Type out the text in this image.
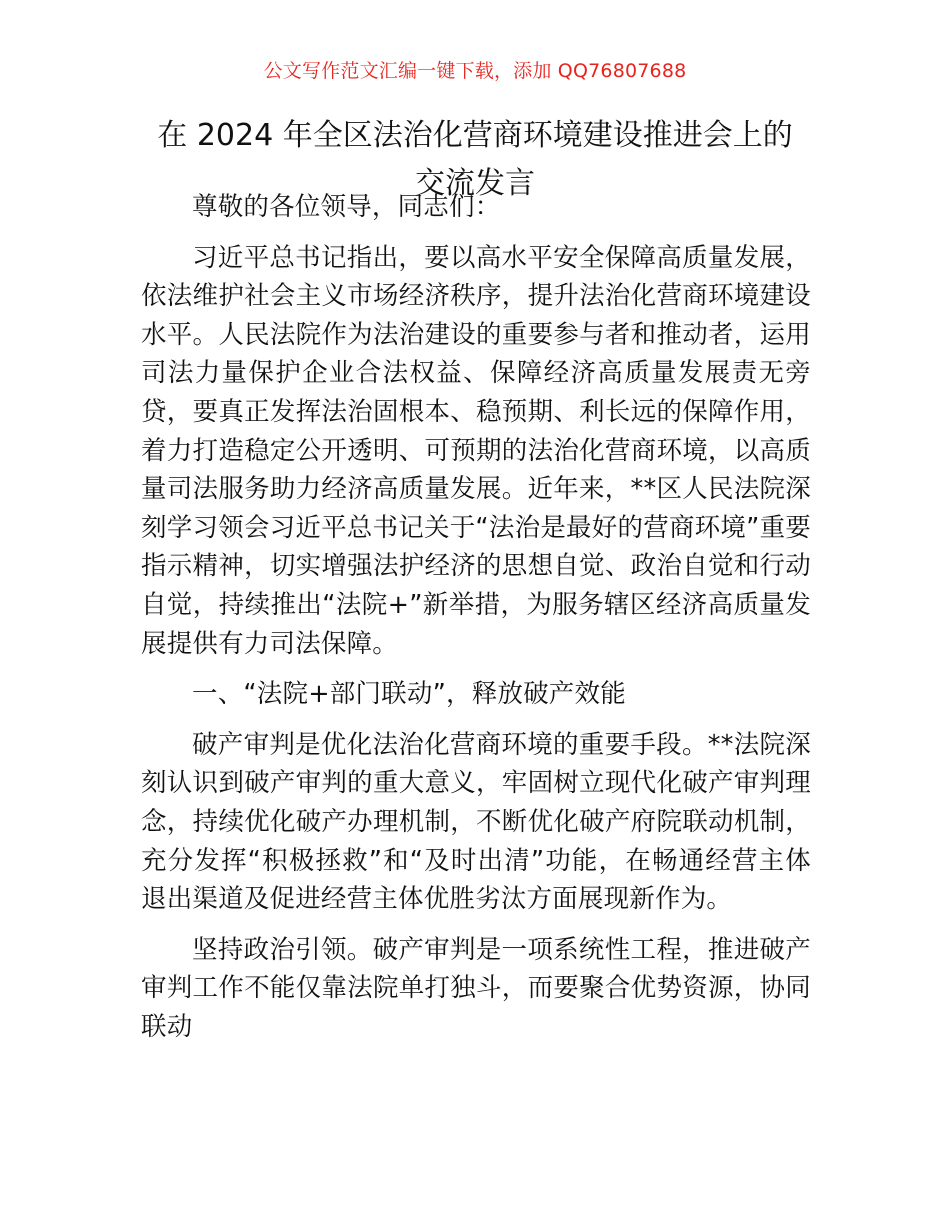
公文写作范文汇编一键下载，添加 QQ76807688
在 2024 年全区法治化营商环境建设推进会上的
交流发言

尊敬的各位领导，同志们：

习近平总书记指出，要以高水平安全保障高质量发展，依法维护社会主义市场经济秩序，提升法治化营商环境建设水平。人民法院作为法治建设的重要参与者和推动者，运用司法力量保护企业合法权益、保障经济高质量发展责无旁贷，要真正发挥法治固根本、稳预期、利长远的保障作用，着力打造稳定公开透明、可预期的法治化营商环境，以高质量司法服务助力经济高质量发展。近年来，**区人民法院深刻学习领会习近平总书记关于“法治是最好的营商环境”重要指示精神，切实增强法护经济的思想自觉、政治自觉和行动自觉，持续推出“法院+”新举措，为服务辖区经济高质量发展提供有力司法保障。

一、“法院+部门联动”，释放破产效能

破产审判是优化法治化营商环境的重要手段。**法院深刻认识到破产审判的重大意义，牢固树立现代化破产审判理念，持续优化破产办理机制，不断优化破产府院联动机制，充分发挥“积极拯救”和“及时出清”功能，在畅通经营主体退出渠道及促进经营主体优胜劣汰方面展现新作为。

坚持政治引领。破产审判是一项系统性工程，推进破产审判工作不能仅靠法院单打独斗，而要聚合优势资源，协同联动
